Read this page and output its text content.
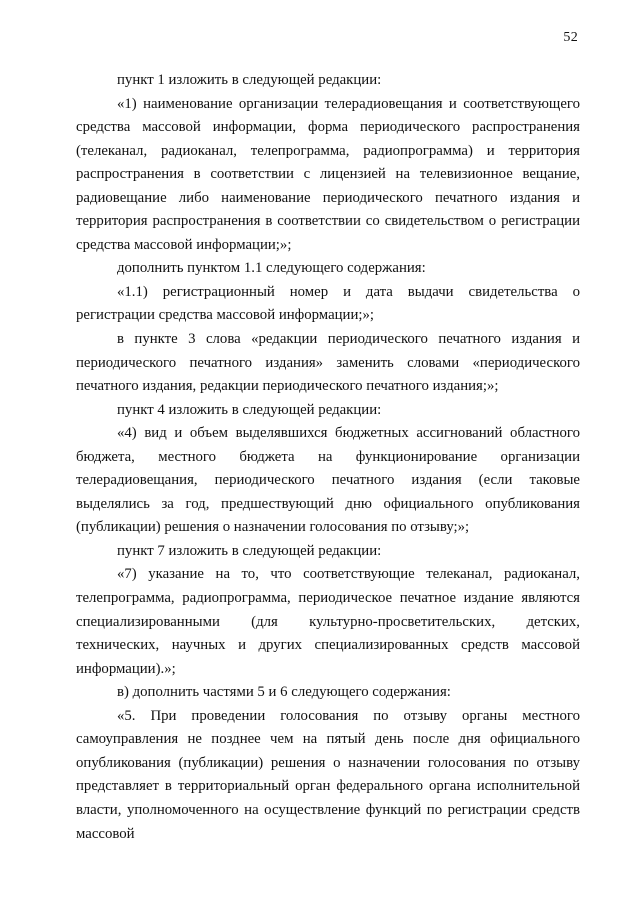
52

пункт 1 изложить в следующей редакции:

«1) наименование организации телерадиовещания и соответствующего средства массовой информации, форма периодического распространения (телеканал, радиоканал, телепрограмма, радиопрограмма) и территория распространения в соответствии с лицензией на телевизионное вещание, радиовещание либо наименование периодического печатного издания и территория распространения в соответствии со свидетельством о регистрации средства массовой информации;»;

дополнить пунктом 1.1 следующего содержания:

«1.1) регистрационный номер и дата выдачи свидетельства о регистрации средства массовой информации;»;

в пункте 3 слова «редакции периодического печатного издания и периодического печатного издания» заменить словами «периодического печатного издания, редакции периодического печатного издания;»;

пункт 4 изложить в следующей редакции:

«4) вид и объем выделявшихся бюджетных ассигнований областного бюджета, местного бюджета на функционирование организации телерадиовещания, периодического печатного издания (если таковые выделялись за год, предшествующий дню официального опубликования (публикации) решения о назначении голосования по отзыву;»;

пункт 7 изложить в следующей редакции:

«7) указание на то, что соответствующие телеканал, радиоканал, телепрограмма, радиопрограмма, периодическое печатное издание являются специализированными (для культурно-просветительских, детских, технических, научных и других специализированных средств массовой информации).»;

в) дополнить частями 5 и 6 следующего содержания:

«5. При проведении голосования по отзыву органы местного самоуправления не позднее чем на пятый день после дня официального опубликования (публикации) решения о назначении голосования по отзыву представляет в территориальный орган федерального органа исполнительной власти, уполномоченного на осуществление функций по регистрации средств массовой
